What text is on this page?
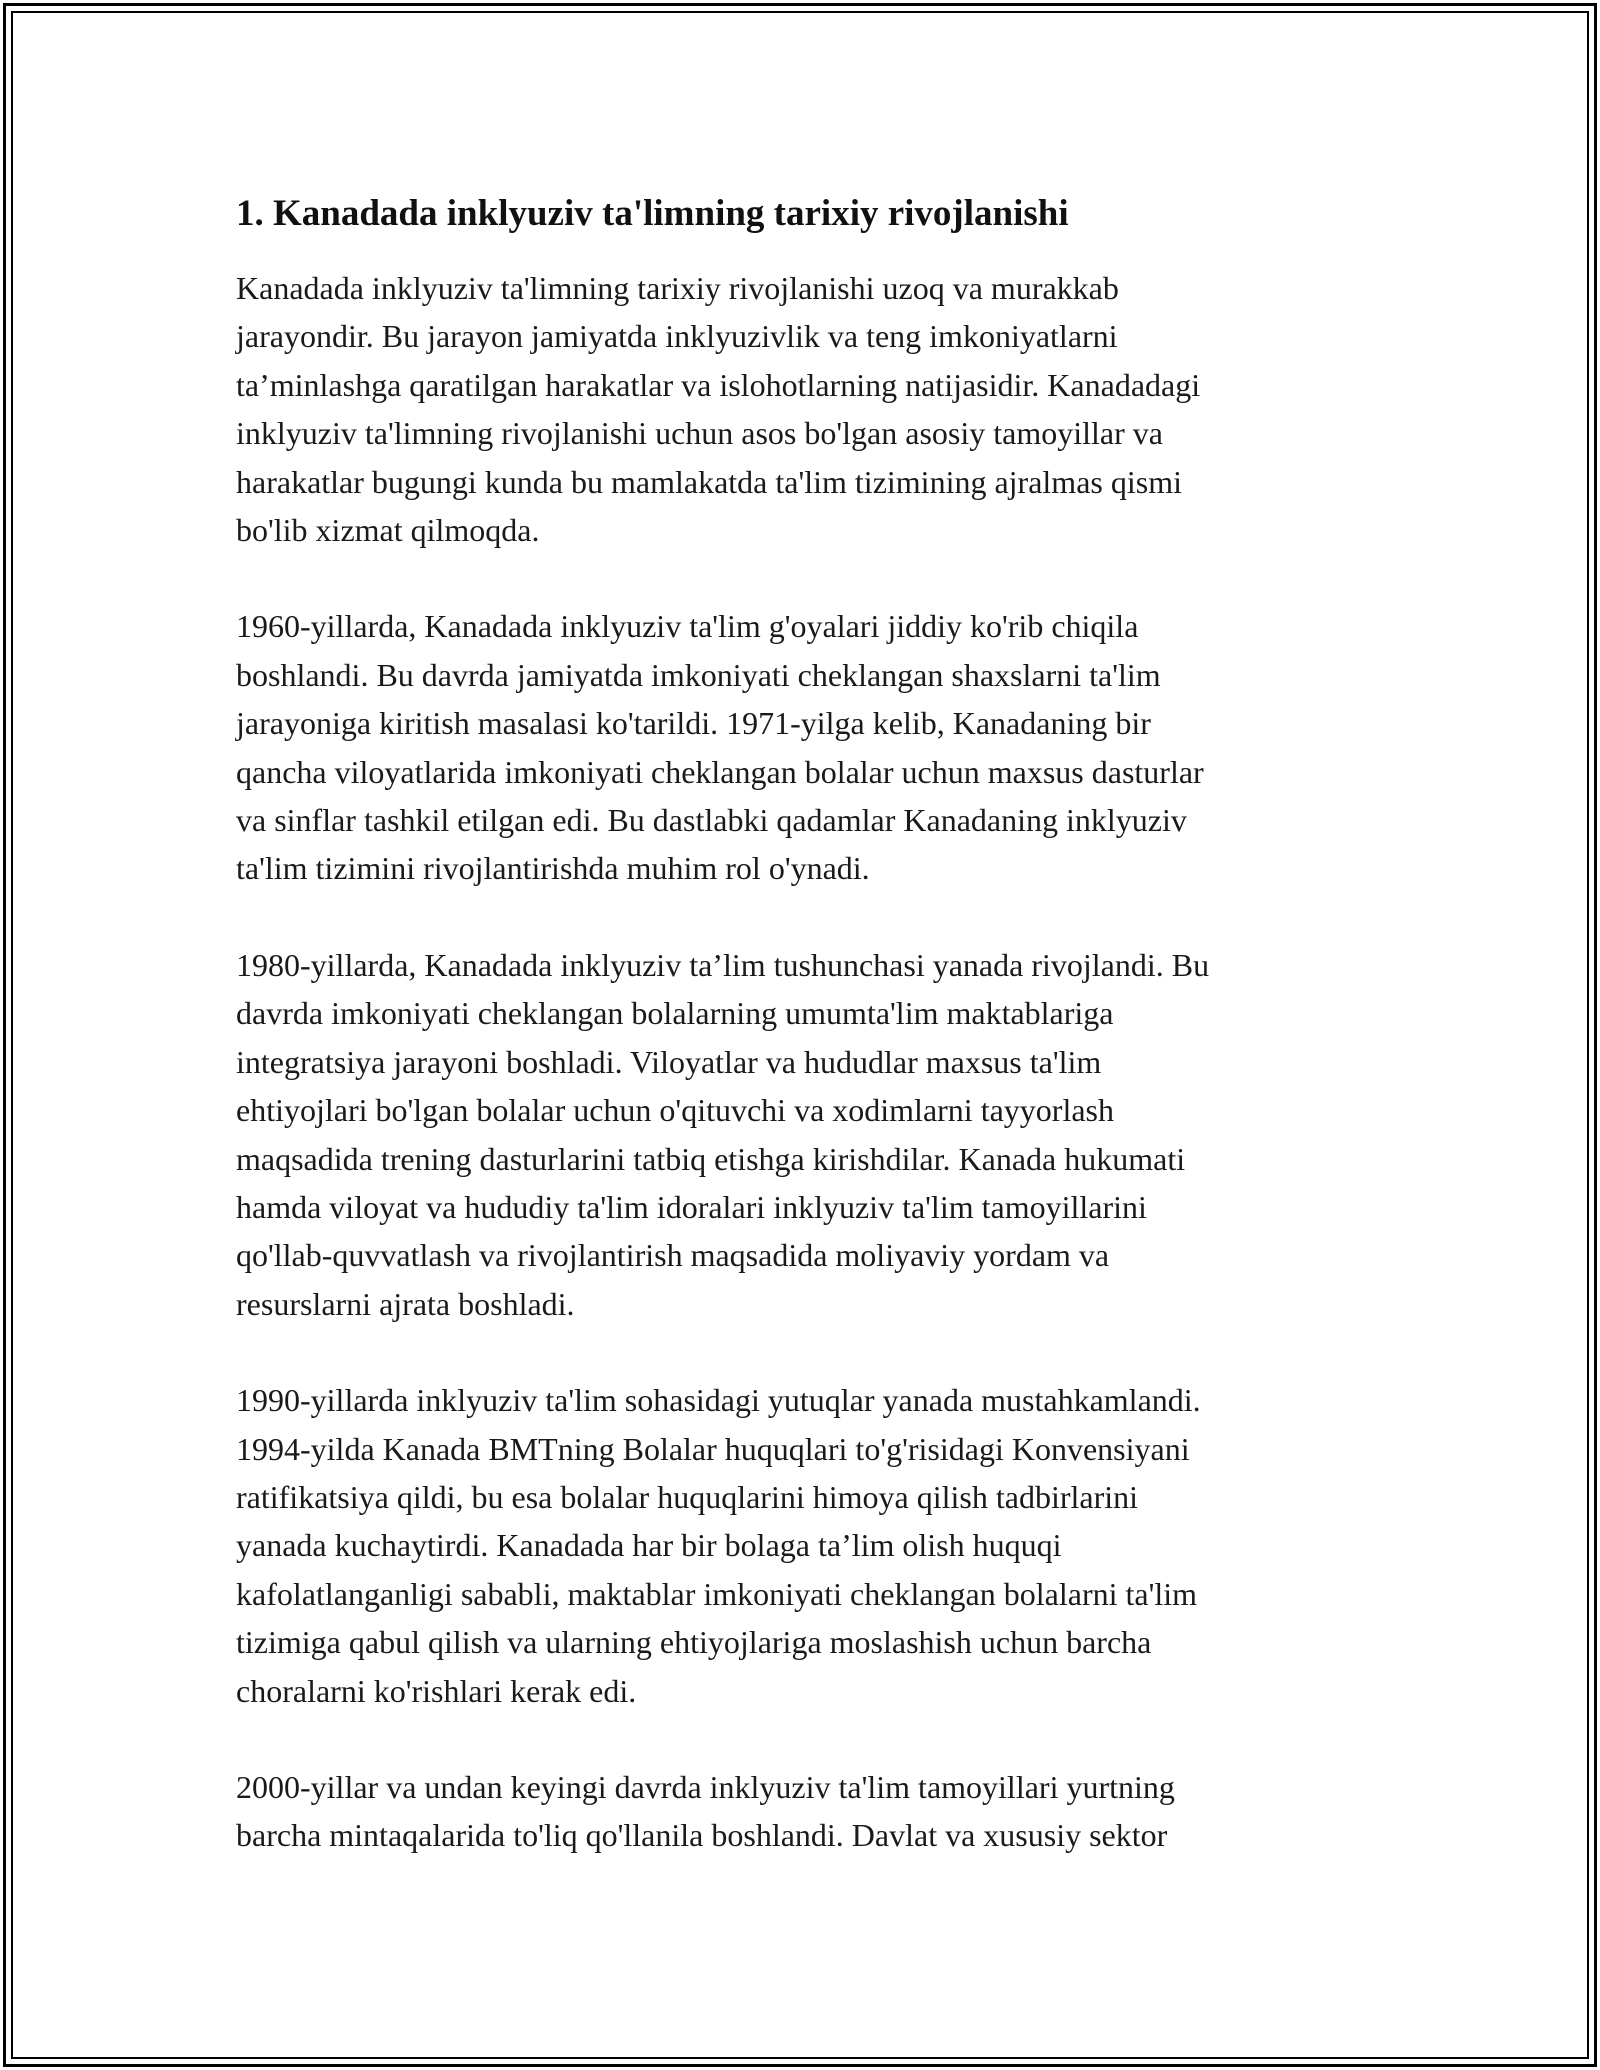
1. Kanadada inklyuziv ta'limning tarixiy rivojlanishi

Kanadada inklyuziv ta'limning tarixiy rivojlanishi uzoq va murakkab
jarayondir. Bu jarayon jamiyatda inklyuzivlik va teng imkoniyatlarni
ta’minlashga qaratilgan harakatlar va islohotlarning natijasidir. Kanadadagi
inklyuziv ta'limning rivojlanishi uchun asos bo'lgan asosiy tamoyillar va
harakatlar bugungi kunda bu mamlakatda ta'lim tizimining ajralmas qismi
bo'lib xizmat qilmoqda.

1960-yillarda, Kanadada inklyuziv ta'lim g'oyalari jiddiy ko'rib chiqila
boshlandi. Bu davrda jamiyatda imkoniyati cheklangan shaxslarni ta'lim
jarayoniga kiritish masalasi ko'tarildi. 1971-yilga kelib, Kanadaning bir
qancha viloyatlarida imkoniyati cheklangan bolalar uchun maxsus dasturlar
va sinflar tashkil etilgan edi. Bu dastlabki qadamlar Kanadaning inklyuziv
ta'lim tizimini rivojlantirishda muhim rol o'ynadi.

1980-yillarda, Kanadada inklyuziv ta’lim tushunchasi yanada rivojlandi. Bu
davrda imkoniyati cheklangan bolalarning umumta'lim maktablariga
integratsiya jarayoni boshladi. Viloyatlar va hududlar maxsus ta'lim
ehtiyojlari bo'lgan bolalar uchun o'qituvchi va xodimlarni tayyorlash
maqsadida trening dasturlarini tatbiq etishga kirishdilar. Kanada hukumati
hamda viloyat va hududiy ta'lim idoralari inklyuziv ta'lim tamoyillarini
qo'llab-quvvatlash va rivojlantirish maqsadida moliyaviy yordam va
resurslarni ajrata boshladi.

1990-yillarda inklyuziv ta'lim sohasidagi yutuqlar yanada mustahkamlandi.
1994-yilda Kanada BMTning Bolalar huquqlari to'g'risidagi Konvensiyani
ratifikatsiya qildi, bu esa bolalar huquqlarini himoya qilish tadbirlarini
yanada kuchaytirdi. Kanadada har bir bolaga ta’lim olish huquqi
kafolatlanganligi sababli, maktablar imkoniyati cheklangan bolalarni ta'lim
tizimiga qabul qilish va ularning ehtiyojlariga moslashish uchun barcha
choralarni ko'rishlari kerak edi.

2000-yillar va undan keyingi davrda inklyuziv ta'lim tamoyillari yurtning
barcha mintaqalarida to'liq qo'llanila boshlandi. Davlat va xususiy sektor
